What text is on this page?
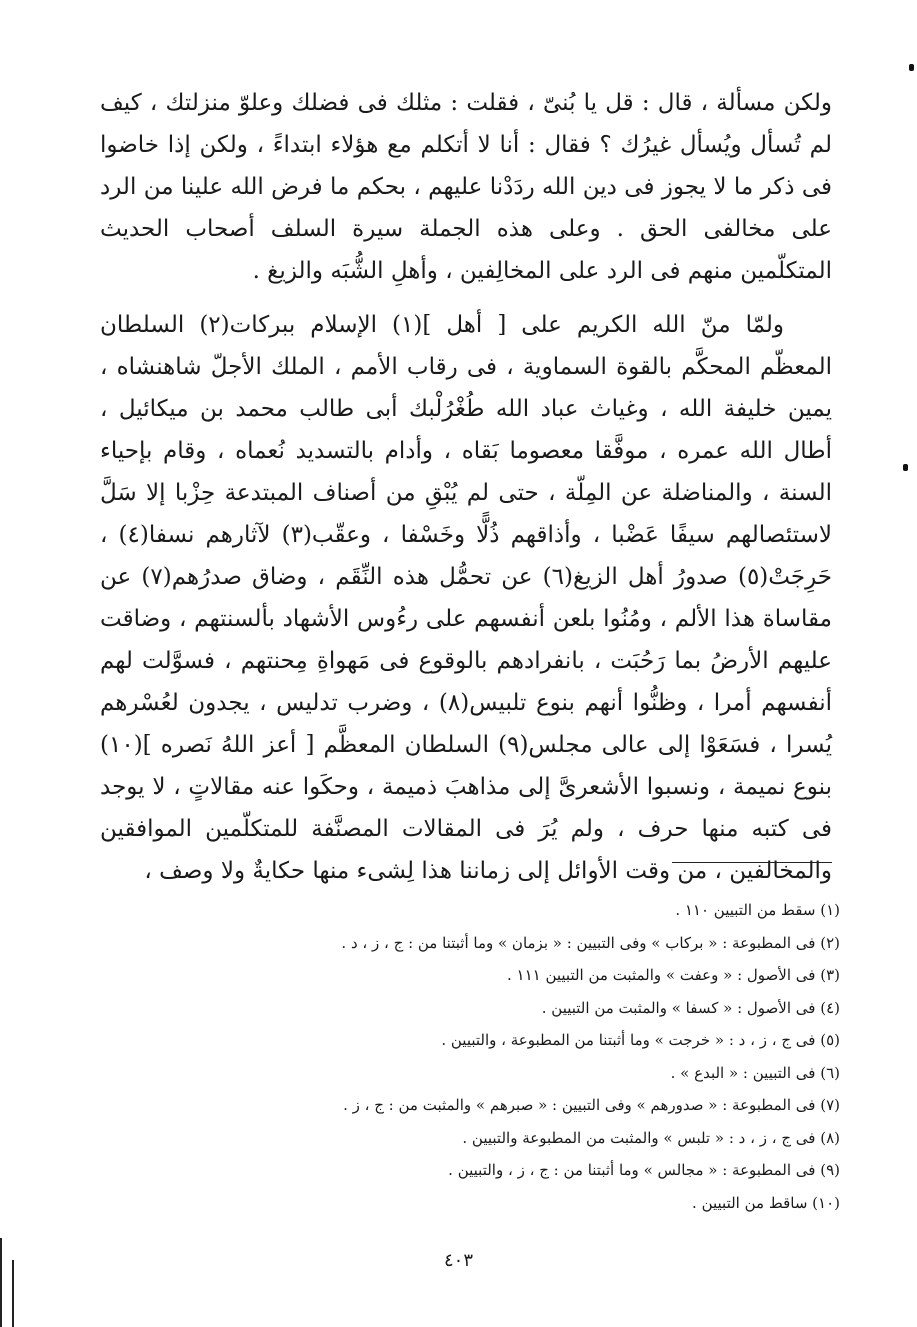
ولكن مسألة ، قال : قل يا بُنىّ ، فقلت : مثلك فى فضلك وعلوّ منزلتك ، كيف لم تُسأل ويُسأل غيرُك ؟ فقال : أنا لا أتكلم مع هؤلاء ابتداءً ، ولكن إذا خاضوا فى ذكر ما لا يجوز فى دين الله ردَدْنا عليهم ، بحكم ما فرض الله علينا من الرد على مخالفى الحق . وعلى هذه الجملة سيرة السلف أصحاب الحديث المتكلّمين منهم فى الرد على المخالِفين ، وأهلِ الشُّبَه والزيغ .

ولمّا منّ الله الكريم على [ أهل ](١) الإسلام ببركات(٢) السلطان المعظّم المحكَّم بالقوة السماوية ، فى رقاب الأمم ، الملك الأجلّ شاهنشاه ، يمين خليفة الله ، وغياث عباد الله طُغْرُلْبك أبى طالب محمد بن ميكائيل ، أطال الله عمره ، موفَّقا معصوما بَقاه ، وأدام بالتسديد نُعماه ، وقام بإحياء السنة ، والمناضلة عن المِلّة ، حتى لم يُبْقِ من أصناف المبتدعة حِزْبا إلا سَلَّ لاستئصالهم سيفًا عَضْبا ، وأذاقهم ذُلًّا وخَسْفا ، وعقّب(٣) لآثارهم نسفا(٤) ، حَرِجَتْ(٥) صدورُ أهل الزيغ(٦) عن تحمُّل هذه النِّقَم ، وضاق صدرُهم(٧) عن مقاساة هذا الألم ، ومُنُوا بلعن أنفسهم على رءُوس الأشهاد بألسنتهم ، وضاقت عليهم الأرضُ بما رَحُبَت ، بانفرادهم بالوقوع فى مَهواةِ مِحنتهم ، فسوَّلت لهم أنفسهم أمرا ، وظنُّوا أنهم بنوع تلبيس(٨) ، وضرب تدليس ، يجدون لعُسْرهم يُسرا ، فسَعَوْا إلى عالى مجلس(٩) السلطان المعظَّم [ أعز اللهُ نَصره ](١٠) بنوع نميمة ، ونسبوا الأشعرىَّ إلى مذاهبَ ذميمة ، وحكَوا عنه مقالاتٍ ، لا يوجد فى كتبه منها حرف ، ولم يُرَ فى المقالات المصنَّفة للمتكلّمين الموافقين والمخالفين ، من وقت الأوائل إلى زماننا هذا لِشىء منها حكايةٌ ولا وصف ،

(١) سقط من التبيين ١١٠ .
(٢) فى المطبوعة : « بركاب » وفى التبيين : « بزمان » وما أثبتنا من : ج ، ز ، د .
(٣) فى الأصول : « وعفت » والمثبت من التبيين ١١١ .
(٤) فى الأصول : « كسفا » والمثبت من التبيين .
(٥) فى ج ، ز ، د : « خرجت » وما أثبتنا من المطبوعة ، والتبيين .
(٦) فى التبيين : « البدع » .
(٧) فى المطبوعة : « صدورهم » وفى التبيين : « صبرهم » والمثبت من : ج ، ز .
(٨) فى ج ، ز ، د : « تلبس » والمثبت من المطبوعة والتبيين .
(٩) فى المطبوعة : « مجالس » وما أثبتنا من : ج ، ز ، والتبيين .
(١٠) ساقط من التبيين .
٤٠٣
